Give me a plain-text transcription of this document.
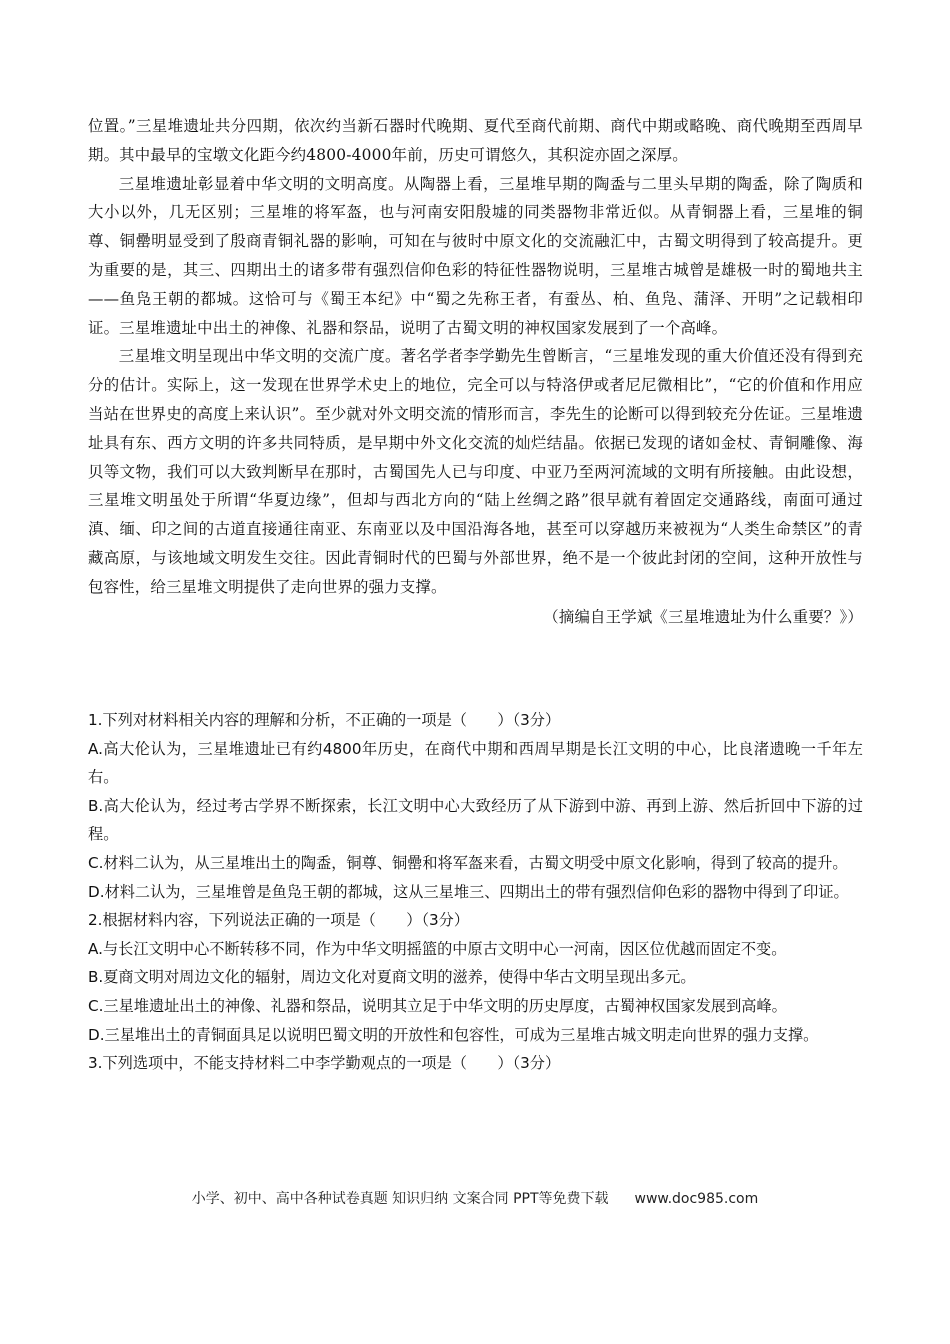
位置。”三星堆遗址共分四期，依次约当新石器时代晚期、夏代至商代前期、商代中期或略晚、商代晚期至西周早期。其中最早的宝墩文化距今约4800-4000年前，历史可谓悠久，其积淀亦固之深厚。

三星堆遗址彰显着中华文明的文明高度。从陶器上看，三星堆早期的陶盉与二里头早期的陶盉，除了陶质和大小以外，几无区别；三星堆的将军盔，也与河南安阳殷墟的同类器物非常近似。从青铜器上看，三星堆的铜尊、铜罍明显受到了殷商青铜礼器的影响，可知在与彼时中原文化的交流融汇中，古蜀文明得到了较高提升。更为重要的是，其三、四期出土的诸多带有强烈信仰色彩的特征性器物说明，三星堆古城曾是雄极一时的蜀地共主——鱼凫王朝的都城。这恰可与《蜀王本纪》中“蜀之先称王者，有蚕丛、柏、鱼凫、蒲泽、开明”之记载相印证。三星堆遗址中出土的神像、礼器和祭品，说明了古蜀文明的神权国家发展到了一个高峰。

三星堆文明呈现出中华文明的交流广度。著名学者李学勤先生曾断言，“三星堆发现的重大价值还没有得到充分的估计。实际上，这一发现在世界学术史上的地位，完全可以与特洛伊或者尼尼微相比”，“它的价值和作用应当站在世界史的高度上来认识”。至少就对外文明交流的情形而言，李先生的论断可以得到较充分佐证。三星堆遗址具有东、西方文明的许多共同特质，是早期中外文化交流的灿烂结晶。依据已发现的诸如金杖、青铜雕像、海贝等文物，我们可以大致判断早在那时，古蜀国先人已与印度、中亚乃至两河流域的文明有所接触。由此设想，三星堆文明虽处于所谓“华夏边缘”，但却与西北方向的“陆上丝绸之路”很早就有着固定交通路线，南面可通过滇、缅、印之间的古道直接通往南亚、东南亚以及中国沿海各地，甚至可以穿越历来被视为“人类生命禁区”的青藏高原，与该地域文明发生交往。因此青铜时代的巴蜀与外部世界，绝不是一个彼此封闭的空间，这种开放性与包容性，给三星堆文明提供了走向世界的强力支撑。

（摘编自王学斌《三星堆遗址为什么重要？》）

1.下列对材料相关内容的理解和分析，不正确的一项是（　　）（3分）

A.高大伦认为，三星堆遗址已有约4800年历史，在商代中期和西周早期是长江文明的中心，比良渚遗晚一千年左右。

B.高大伦认为，经过考古学界不断探索，长江文明中心大致经历了从下游到中游、再到上游、然后折回中下游的过程。

C.材料二认为，从三星堆出土的陶盉，铜尊、铜罍和将军盔来看，古蜀文明受中原文化影响，得到了较高的提升。

D.材料二认为，三星堆曾是鱼凫王朝的都城，这从三星堆三、四期出土的带有强烈信仰色彩的器物中得到了印证。

2.根据材料内容，下列说法正确的一项是（　　）（3分）

A.与长江文明中心不断转移不同，作为中华文明摇篮的中原古文明中心一河南，因区位优越而固定不变。

B.夏商文明对周边文化的辐射，周边文化对夏商文明的滋养，使得中华古文明呈现出多元。

C.三星堆遗址出土的神像、礼器和祭品，说明其立足于中华文明的历史厚度，古蜀神权国家发展到高峰。

D.三星堆出土的青铜面具足以说明巴蜀文明的开放性和包容性，可成为三星堆古城文明走向世界的强力支撑。

3.下列选项中，不能支持材料二中李学勤观点的一项是（　　）（3分）

小学、初中、高中各种试卷真题 知识归纳 文案合同 PPT等免费下载 www.doc985.com
